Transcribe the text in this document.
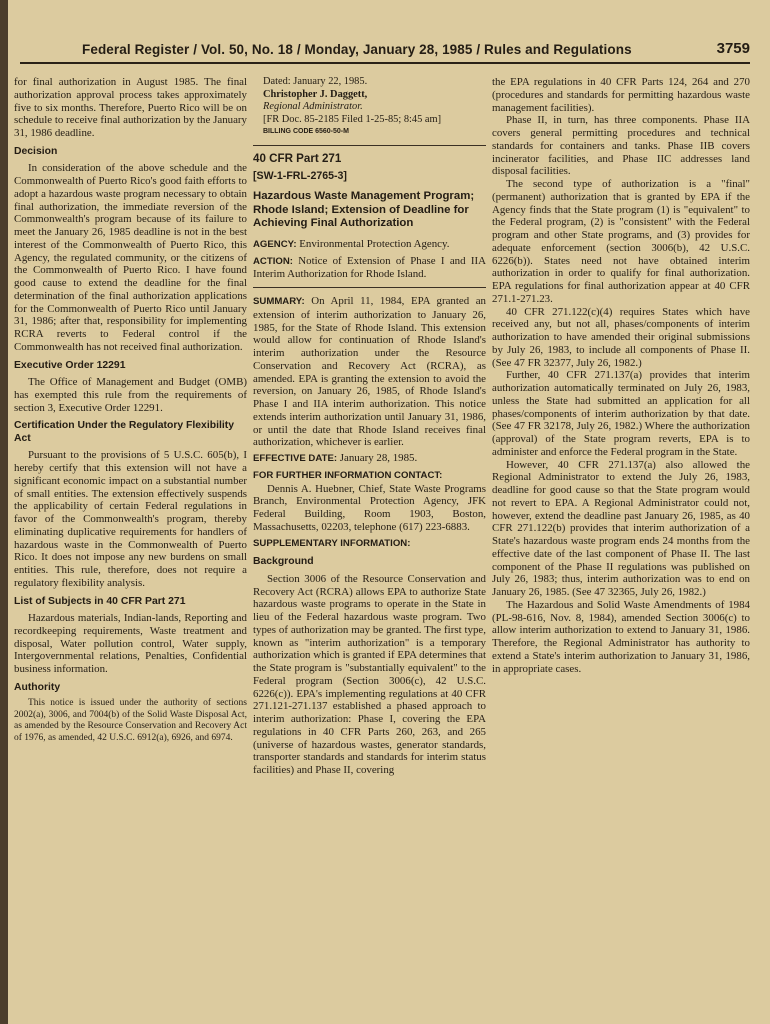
Federal Register / Vol. 50, No. 18 / Monday, January 28, 1985 / Rules and Regulations	3759

for final authorization in August 1985. The final authorization approval process takes approximately five to six months. Therefore, Puerto Rico will be on schedule to receive final authorization by the January 31, 1986 deadline.

Decision

In consideration of the above schedule and the Commonwealth of Puerto Rico's good faith efforts to adopt a hazardous waste program necessary to obtain final authorization, the immediate reversion of the Commonwealth's program because of its failure to meet the January 26, 1985 deadline is not in the best interest of the Commonwealth of Puerto Rico, this Agency, the regulated community, or the citizens of the Commonwealth of Puerto Rico. I have found good cause to extend the deadline for the final determination of the final authorization applications for the Commonwealth of Puerto Rico until January 31, 1986; after that, responsibility for implementing RCRA reverts to Federal control if the Commonwealth has not received final authorization.

Executive Order 12291

The Office of Management and Budget (OMB) has exempted this rule from the requirements of section 3, Executive Order 12291.

Certification Under the Regulatory Flexibility Act

Pursuant to the provisions of 5 U.S.C. 605(b), I hereby certify that this extension will not have a significant economic impact on a substantial number of small entities. The extension effectively suspends the applicability of certain Federal regulations in favor of the Commonwealth's program, thereby eliminating duplicative requirements for handlers of hazardous waste in the Commonwealth of Puerto Rico. It does not impose any new burdens on small entities. This rule, therefore, does not require a regulatory flexibility analysis.

List of Subjects in 40 CFR Part 271

Hazardous materials, Indian-lands, Reporting and recordkeeping requirements, Waste treatment and disposal, Water pollution control, Water supply, Intergovernmental relations, Penalties, Confidential business information.

Authority

This notice is issued under the authority of sections 2002(a), 3006, and 7004(b) of the Solid Waste Disposal Act, as amended by the Resource Conservation and Recovery Act of 1976, as amended, 42 U.S.C. 6912(a), 6926, and 6974.

Dated: January 22, 1985.
Christopher J. Daggett,
Regional Administrator.
[FR Doc. 85-2185 Filed 1-25-85; 8:45 am]
BILLING CODE 6560-50-M
40 CFR Part 271
[SW-1-FRL-2765-3]
Hazardous Waste Management Program; Rhode Island; Extension of Deadline for Achieving Final Authorization

AGENCY: Environmental Protection Agency.

ACTION: Notice of Extension of Phase I and IIA Interim Authorization for Rhode Island.

SUMMARY: On April 11, 1984, EPA granted an extension of interim authorization to January 26, 1985, for the State of Rhode Island. This extension would allow for continuation of Rhode Island's interim authorization under the Resource Conservation and Recovery Act (RCRA), as amended. EPA is granting the extension to avoid the reversion, on January 26, 1985, of Rhode Island's Phase I and IIA interim authorization. This notice extends interim authorization until January 31, 1986, or until the date that Rhode Island receives final authorization, whichever is earlier.

EFFECTIVE DATE: January 28, 1985.

FOR FURTHER INFORMATION CONTACT:

Dennis A. Huebner, Chief, State Waste Programs Branch, Environmental Protection Agency, JFK Federal Building, Room 1903, Boston, Massachusetts, 02203, telephone (617) 223-6883.

SUPPLEMENTARY INFORMATION:

Background

Section 3006 of the Resource Conservation and Recovery Act (RCRA) allows EPA to authorize State hazardous waste programs to operate in the State in lieu of the Federal hazardous waste program. Two types of authorization may be granted. The first type, known as "interim authorization" is a temporary authorization which is granted if EPA determines that the State program is "substantially equivalent" to the Federal program (Section 3006(c), 42 U.S.C. 6226(c)). EPA's implementing regulations at 40 CFR 271.121-271.137 established a phased approach to interim authorization: Phase I, covering the EPA regulations in 40 CFR Parts 260, 263, and 265 (universe of hazardous wastes, generator standards, transporter standards and standards for interim status facilities) and Phase II, covering

the EPA regulations in 40 CFR Parts 124, 264 and 270 (procedures and standards for permitting hazardous waste management facilities).

Phase II, in turn, has three components. Phase IIA covers general permitting procedures and technical standards for containers and tanks. Phase IIB covers incinerator facilities, and Phase IIC addresses land disposal facilities.

The second type of authorization is a "final" (permanent) authorization that is granted by EPA if the Agency finds that the State program (1) is "equivalent" to the Federal program, (2) is "consistent" with the Federal program and other State programs, and (3) provides for adequate enforcement (section 3006(b), 42 U.S.C. 6226(b)). States need not have obtained interim authorization in order to qualify for final authorization. EPA regulations for final authorization appear at 40 CFR 271.1-271.23.

40 CFR 271.122(c)(4) requires States which have received any, but not all, phases/components of interim authorization to have amended their original submissions by July 26, 1983, to include all components of Phase II. (See 47 FR 32377, July 26, 1982.)

Further, 40 CFR 271.137(a) provides that interim authorization automatically terminated on July 26, 1983, unless the State had submitted an application for all phases/components of interim authorization by that date. (See 47 FR 32178, July 26, 1982.) Where the authorization (approval) of the State program reverts, EPA is to administer and enforce the Federal program in the State.

However, 40 CFR 271.137(a) also allowed the Regional Administrator to extend the July 26, 1983, deadline for good cause so that the State program would not revert to EPA. A Regional Administrator could not, however, extend the deadline past January 26, 1985, as 40 CFR 271.122(b) provides that interim authorization of a State's hazardous waste program ends 24 months from the effective date of the last component of Phase II. The last component of the Phase II regulations was published on July 26, 1983; thus, interim authorization was to end on January 26, 1985. (See 47 32365, July 26, 1982.)

The Hazardous and Solid Waste Amendments of 1984 (PL-98-616, Nov. 8, 1984), amended Section 3006(c) to allow interim authorization to extend to January 31, 1986. Therefore, the Regional Administrator has authority to extend a State's interim authorization to January 31, 1986, in appropriate cases.
